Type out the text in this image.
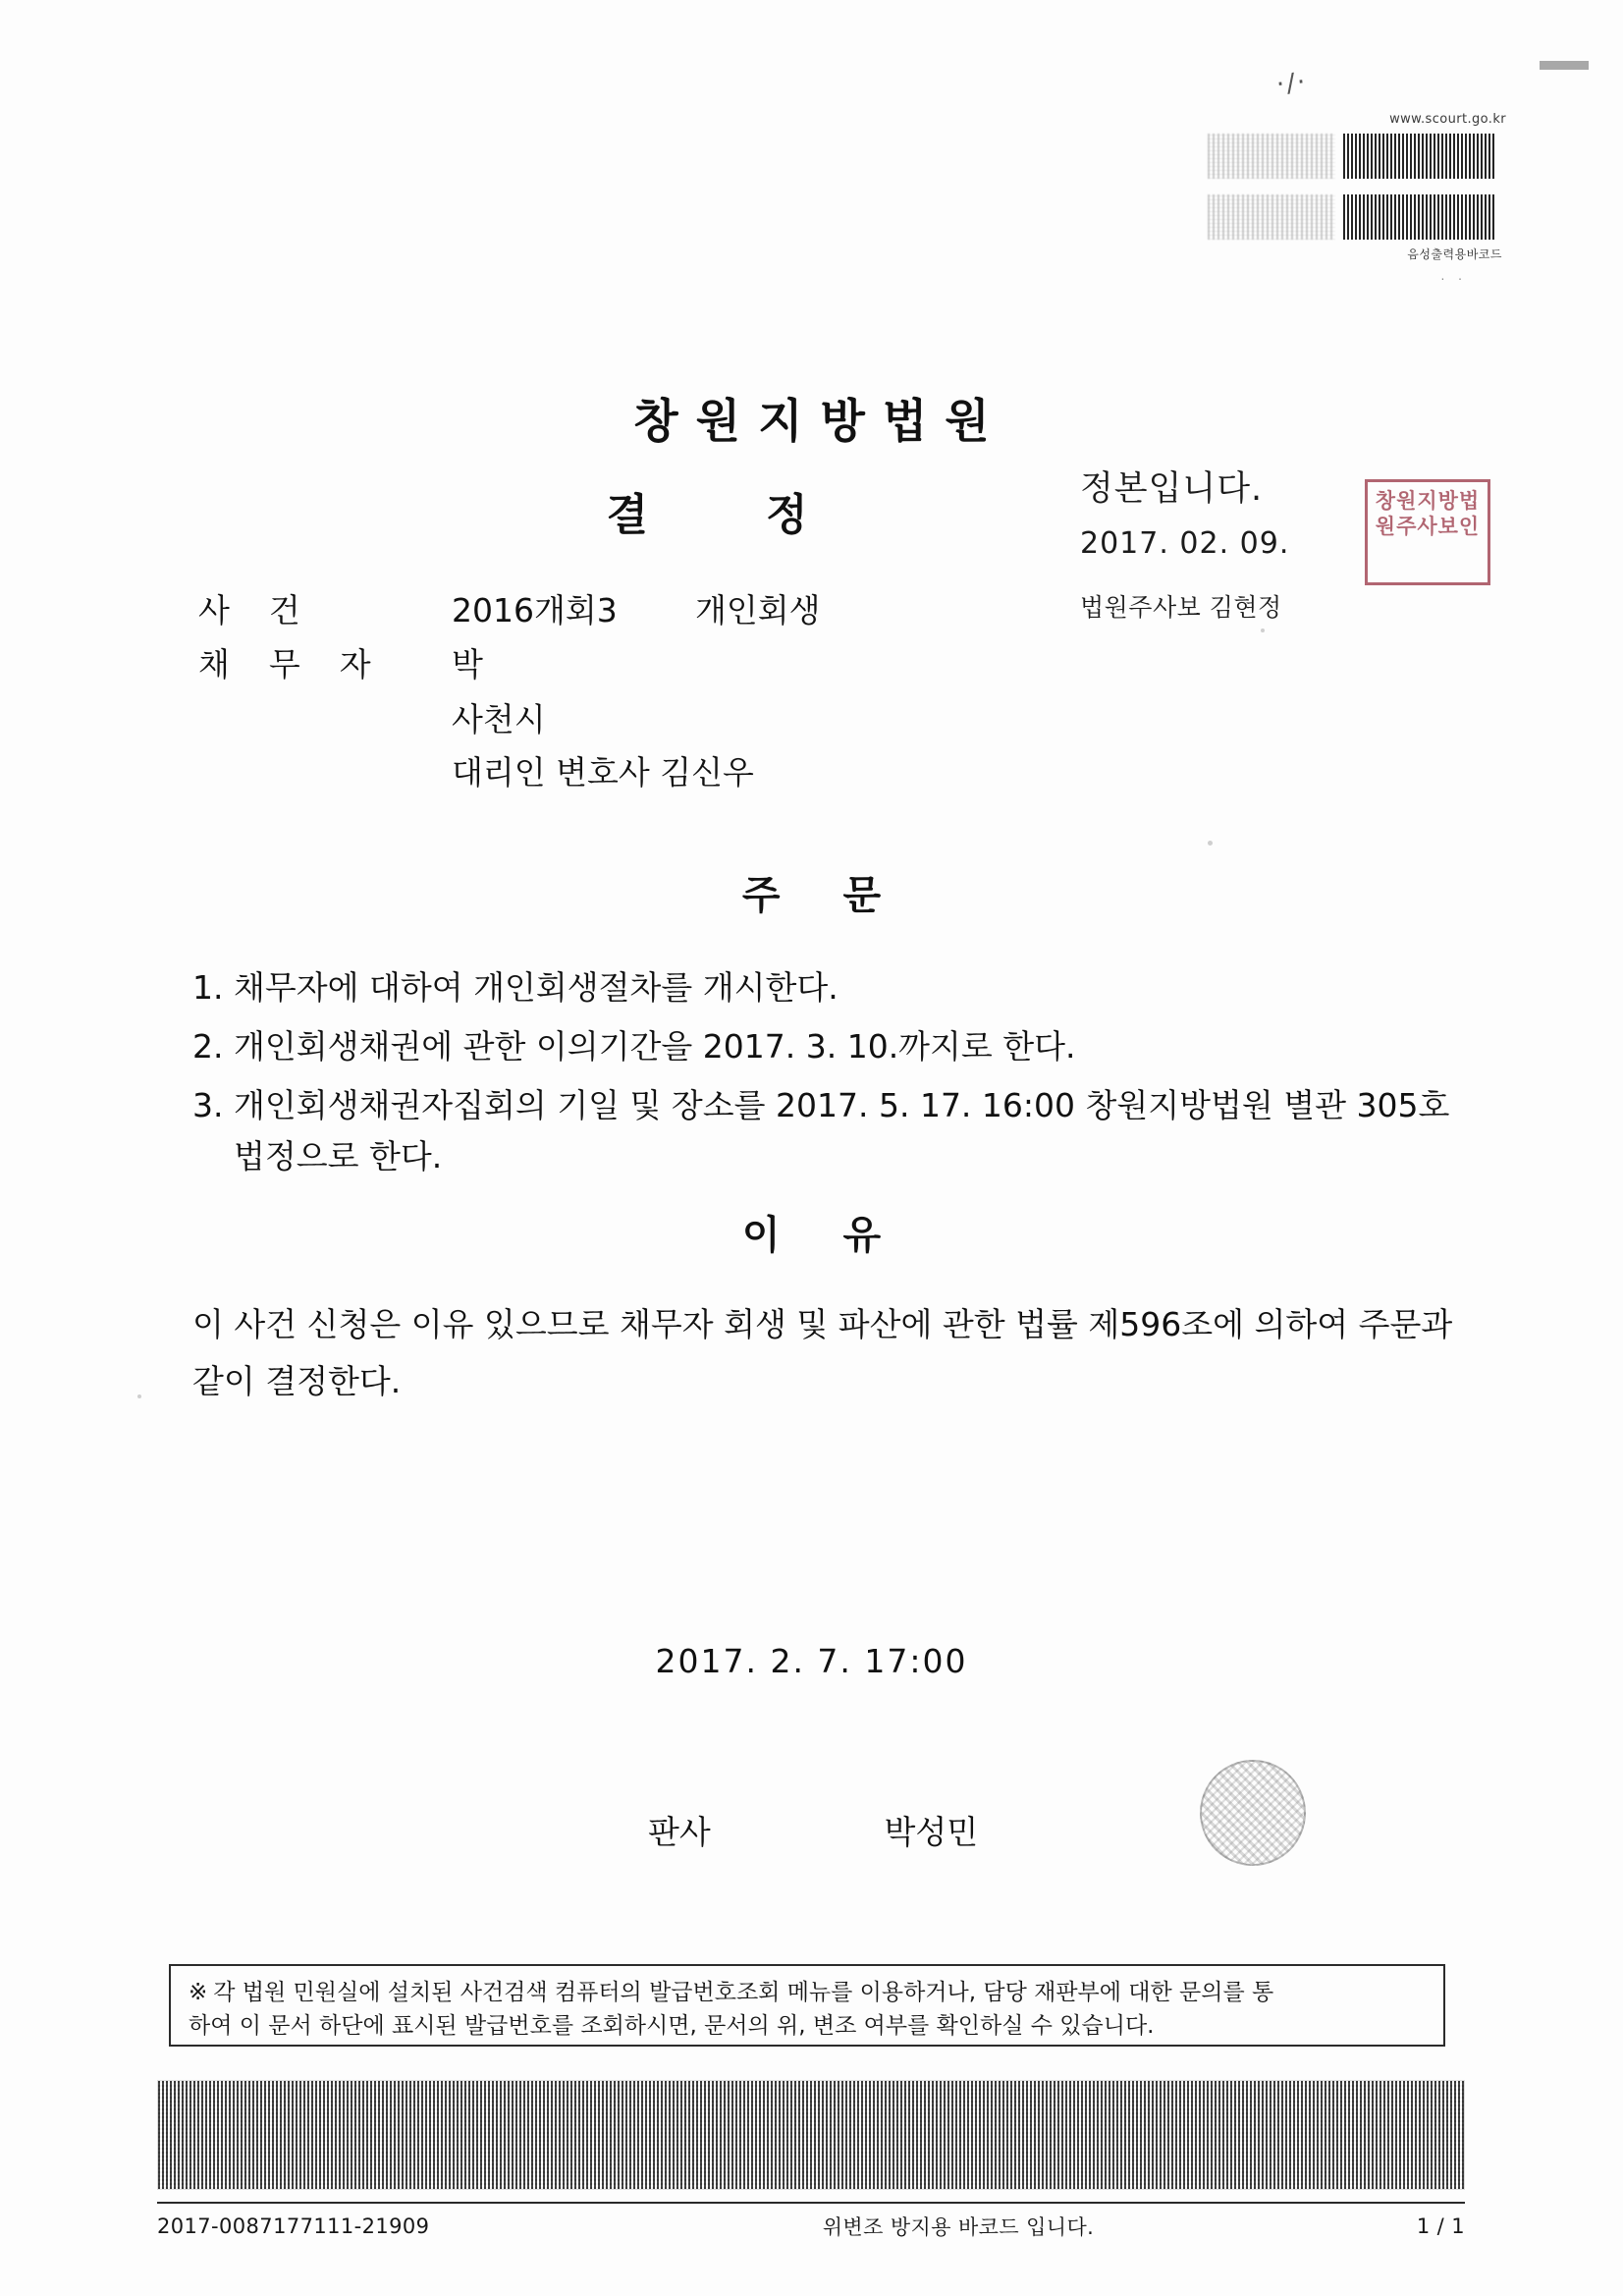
·/·
www.scourt.go.kr
음성출력용바코드
. .
창원지방법원
결정
정본입니다.
2017. 02. 09.
법원주사보 김현정
창원지방법원주사보인
사건	2016개회3	개인회생
채무자	박
사천시
대리인 변호사 김신우
주문
1. 채무자에 대하여 개인회생절차를 개시한다.
2. 개인회생채권에 관한 이의기간을 2017. 3. 10.까지로 한다.
3. 개인회생채권자집회의 기일 및 장소를 2017. 5. 17. 16:00 창원지방법원 별관 305호 법정으로 한다.
이유
이 사건 신청은 이유 있으므로 채무자 회생 및 파산에 관한 법률 제596조에 의하여 주문과 같이 결정한다.
2017. 2. 7. 17:00
판사	박성민
※ 각 법원 민원실에 설치된 사건검색 컴퓨터의 발급번호조회 메뉴를 이용하거나, 담당 재판부에 대한 문의를 통
하여 이 문서 하단에 표시된 발급번호를 조회하시면, 문서의 위, 변조 여부를 확인하실 수 있습니다.
2017-0087177111-21909	위변조 방지용 바코드 입니다.	1 / 1
